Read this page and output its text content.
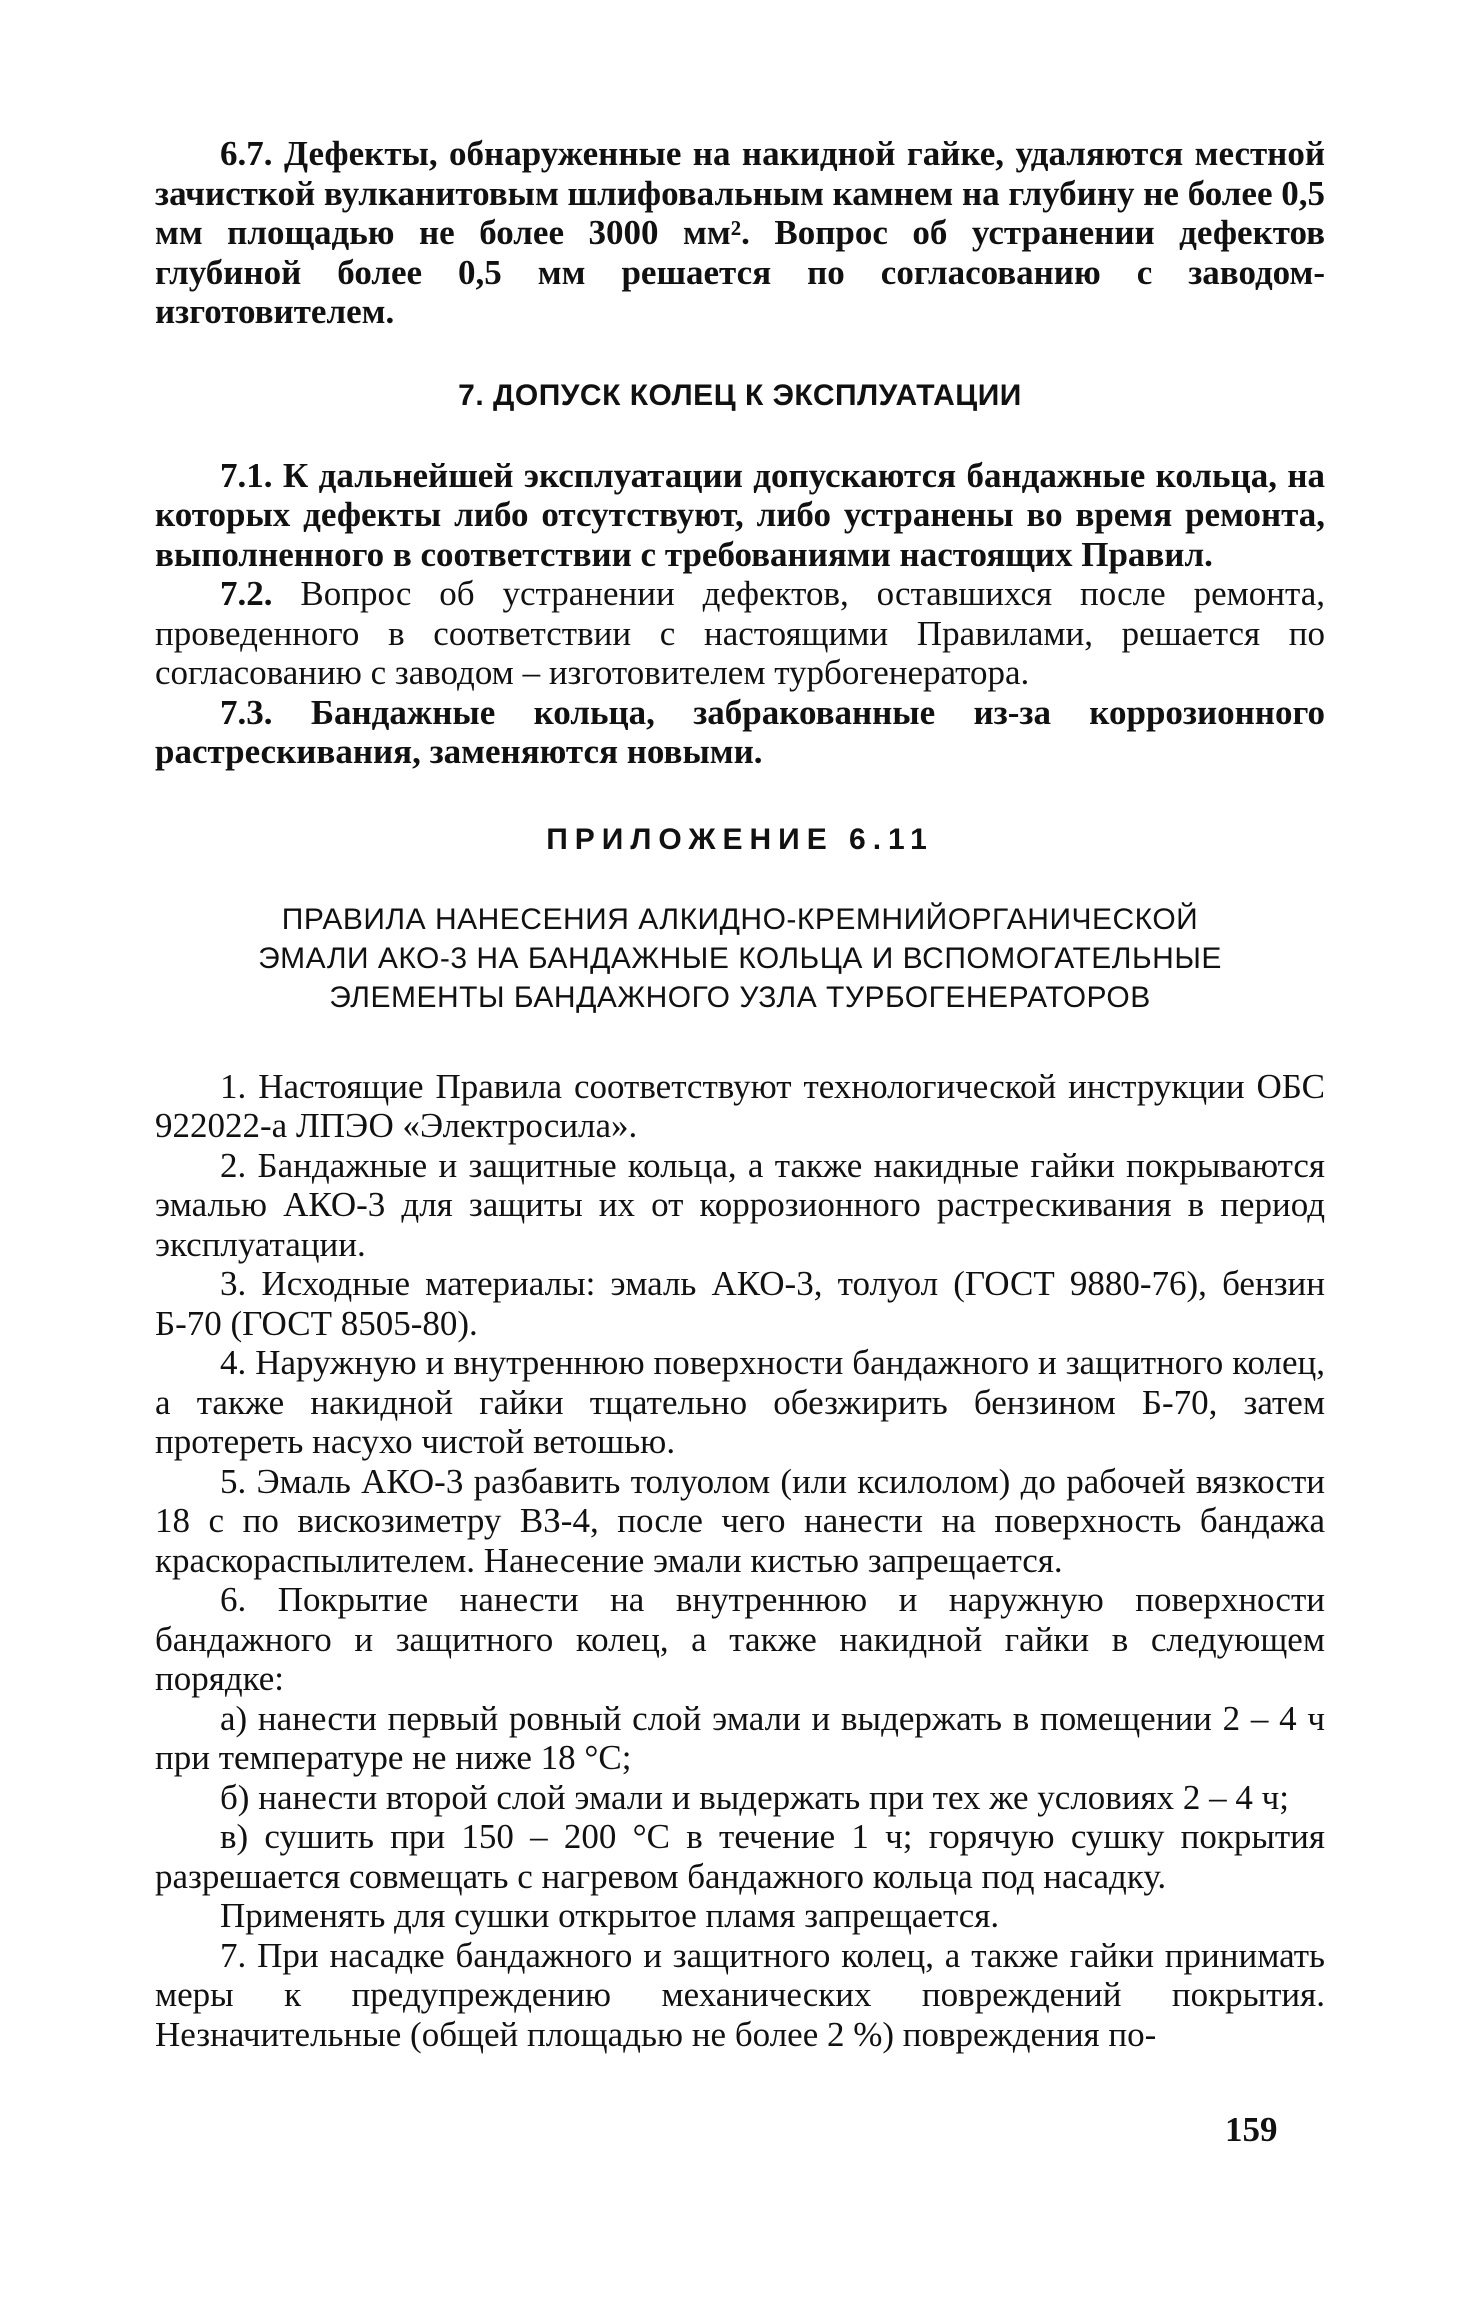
6.7. Дефекты, обнаруженные на накидной гайке, удаляются местной зачисткой вулканитовым шлифовальным камнем на глубину не более 0,5 мм площадью не более 3000 мм². Вопрос об устранении дефектов глубиной более 0,5 мм решается по согласованию с заводом-изготовителем.

7. ДОПУСК КОЛЕЦ К ЭКСПЛУАТАЦИИ

7.1. К дальнейшей эксплуатации допускаются бандажные кольца, на которых дефекты либо отсутствуют, либо устранены во время ремонта, выполненного в соответствии с требованиями настоящих Правил.

7.2. Вопрос об устранении дефектов, оставшихся после ремонта, проведенного в соответствии с настоящими Правилами, решается по согласованию с заводом – изготовителем турбогенератора.

7.3. Бандажные кольца, забракованные из-за коррозионного растрескивания, заменяются новыми.

ПРИЛОЖЕНИЕ 6.11
ПРАВИЛА НАНЕСЕНИЯ АЛКИДНО-КРЕМНИЙОРГАНИЧЕСКОЙ
ЭМАЛИ АКО-3 НА БАНДАЖНЫЕ КОЛЬЦА И ВСПОМОГАТЕЛЬНЫЕ
ЭЛЕМЕНТЫ БАНДАЖНОГО УЗЛА ТУРБОГЕНЕРАТОРОВ

1. Настоящие Правила соответствуют технологической инструкции ОБС 922022-а ЛПЭО «Электросила».

2. Бандажные и защитные кольца, а также накидные гайки покрываются эмалью АКО-3 для защиты их от коррозионного растрескивания в период эксплуатации.

3. Исходные материалы: эмаль АКО-3, толуол (ГОСТ 9880-76), бензин Б-70 (ГОСТ 8505-80).

4. Наружную и внутреннюю поверхности бандажного и защитного колец, а также накидной гайки тщательно обезжирить бензином Б-70, затем протереть насухо чистой ветошью.

5. Эмаль АКО-3 разбавить толуолом (или ксилолом) до рабочей вязкости 18 с по вискозиметру ВЗ-4, после чего нанести на поверхность бандажа краскораспылителем. Нанесение эмали кистью запрещается.

6. Покрытие нанести на внутреннюю и наружную поверхности бандажного и защитного колец, а также накидной гайки в следующем порядке:

а) нанести первый ровный слой эмали и выдержать в помещении 2 – 4 ч при температуре не ниже 18 °С;

б) нанести второй слой эмали и выдержать при тех же условиях 2 – 4 ч;

в) сушить при 150 – 200 °С в течение 1 ч; горячую сушку покрытия разрешается совмещать с нагревом бандажного кольца под насадку.

Применять для сушки открытое пламя запрещается.

7. При насадке бандажного и защитного колец, а также гайки принимать меры к предупреждению механических повреждений покрытия. Незначительные (общей площадью не более 2 %) повреждения по-

159
